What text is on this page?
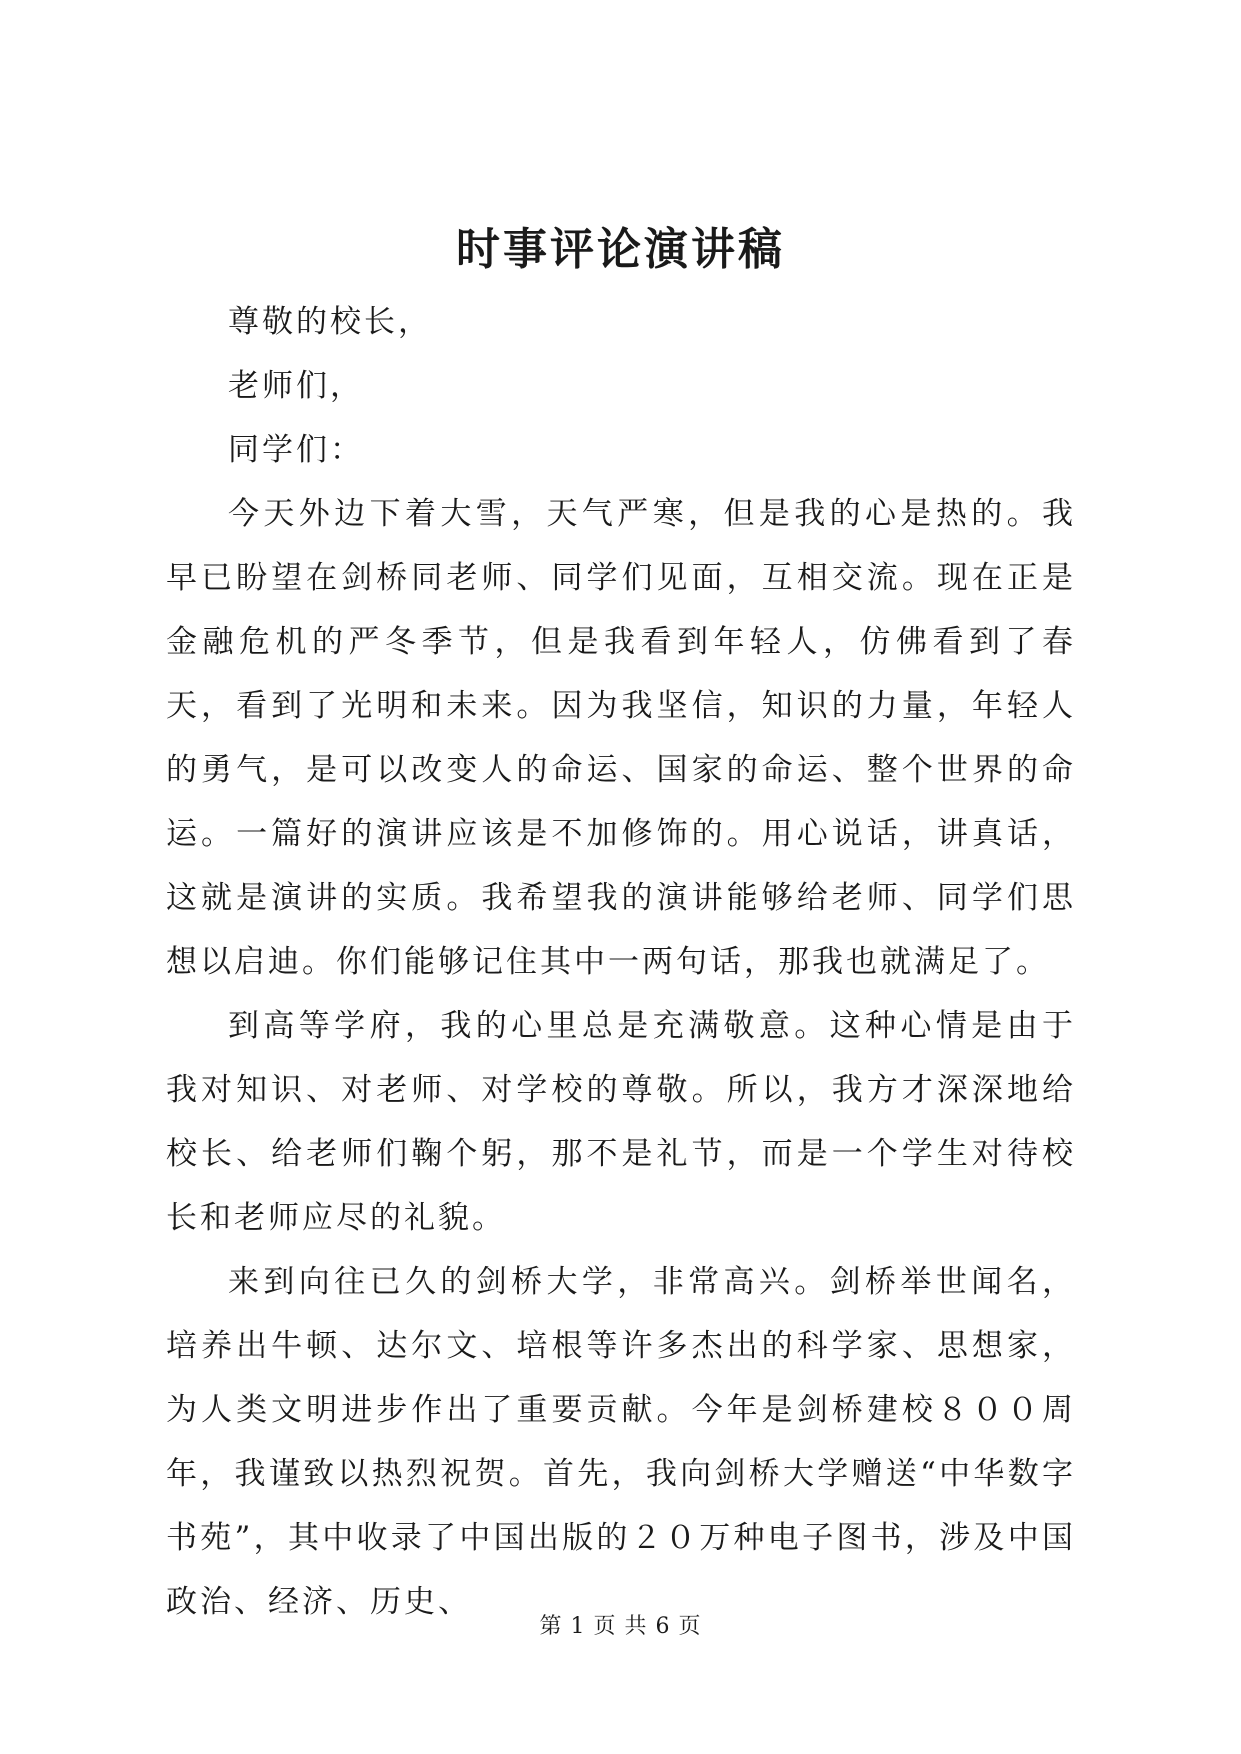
时事评论演讲稿

尊敬的校长，

老师们，

同学们：

今天外边下着大雪，天气严寒，但是我的心是热的。我早已盼望在剑桥同老师、同学们见面，互相交流。现在正是金融危机的严冬季节，但是我看到年轻人，仿佛看到了春天，看到了光明和未来。因为我坚信，知识的力量，年轻人的勇气，是可以改变人的命运、国家的命运、整个世界的命运。一篇好的演讲应该是不加修饰的。用心说话，讲真话，这就是演讲的实质。我希望我的演讲能够给老师、同学们思想以启迪。你们能够记住其中一两句话，那我也就满足了。

到高等学府，我的心里总是充满敬意。这种心情是由于我对知识、对老师、对学校的尊敬。所以，我方才深深地给校长、给老师们鞠个躬，那不是礼节，而是一个学生对待校长和老师应尽的礼貌。

来到向往已久的剑桥大学，非常高兴。剑桥举世闻名，培养出牛顿、达尔文、培根等许多杰出的科学家、思想家，为人类文明进步作出了重要贡献。今年是剑桥建校８００周年，我谨致以热烈祝贺。首先，我向剑桥大学赠送“中华数字书苑”，其中收录了中国出版的２０万种电子图书，涉及中国政治、经济、历史、

第 1 页 共 6 页
